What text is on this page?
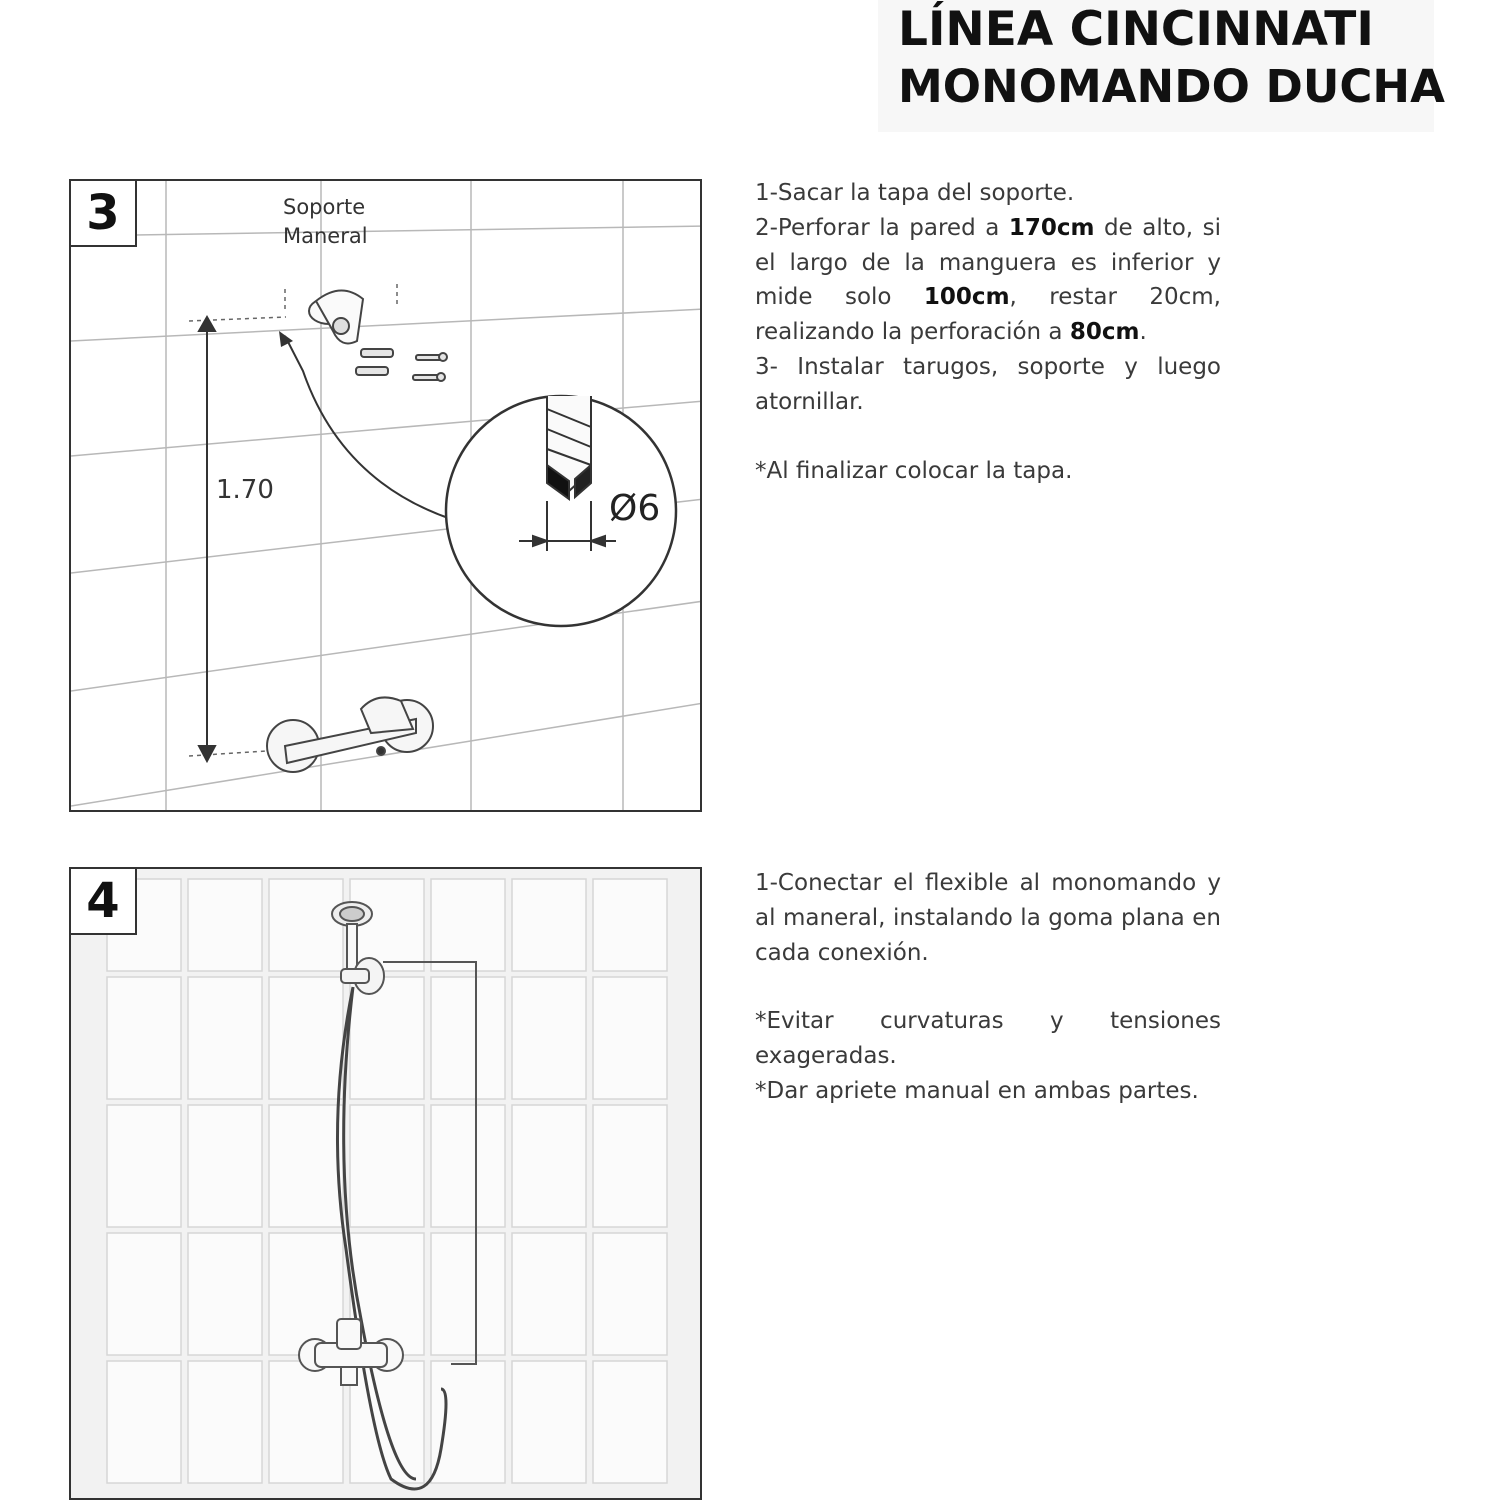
LÍNEA CINCINNATI

MONOMANDO DUCHA

3	Soporte
Maneral
1.70	Ø6

1-Sacar la tapa del soporte.

2-Perforar la pared a 170cm de alto, si el largo de la manguera es inferior y mide solo 100cm, restar 20cm, realizando la perforación a 80cm.

3- Instalar tarugos, soporte y luego atornillar.

*Al finalizar colocar la tapa.

4	1-Conectar el flexible al monomando y al maneral, instalando la goma plana en cada conexión.

*Evitar curvaturas y tensiones exageradas.

*Dar apriete manual en ambas partes.
